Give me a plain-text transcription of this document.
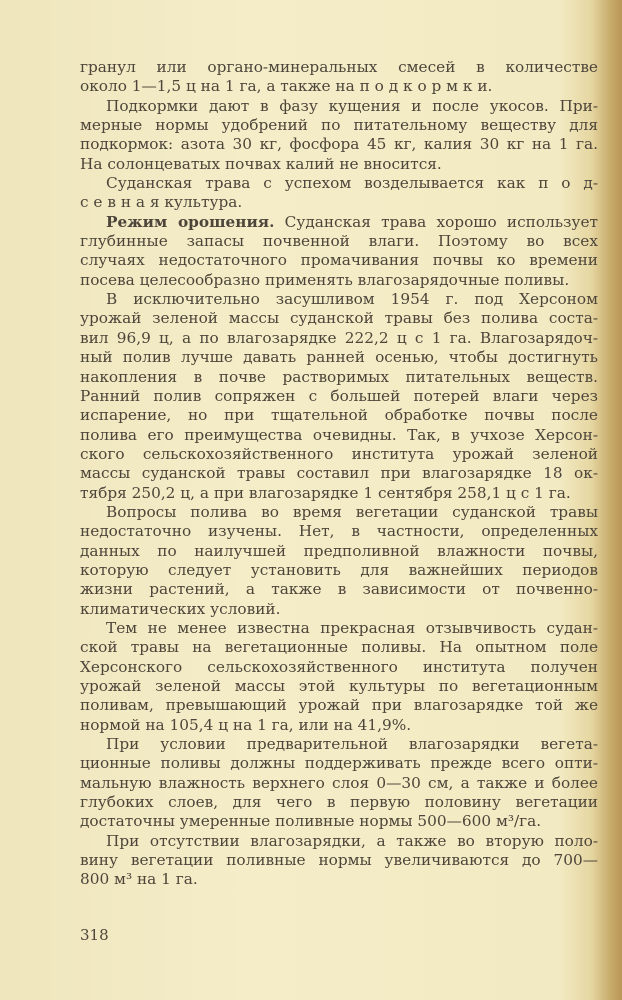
гранул или органо-минеральных смесей в количестве
около 1—1,5 ц на 1 га, а также на п о д к о р м к и.
Подкормки дают в фазу кущения и после укосов. При-
мерные нормы удобрений по питательному веществу для
подкормок: азота 30 кг, фосфора 45 кг, калия 30 кг на 1 га.
На солонцеватых почвах калий не вносится.
Суданская трава с успехом возделывается как п о д-
с е в н а я культура.
Режим орошения. Суданская трава хорошо использует
глубинные запасы почвенной влаги. Поэтому во всех
случаях недостаточного промачивания почвы ко времени
посева целесообразно применять влагозарядочные поливы.
В исключительно засушливом 1954 г. под Херсоном
урожай зеленой массы суданской травы без полива соста-
вил 96,9 ц, а по влагозарядке 222,2 ц с 1 га. Влагозарядоч-
ный полив лучше давать ранней осенью, чтобы достигнуть
накопления в почве растворимых питательных веществ.
Ранний полив сопряжен с большей потерей влаги через
испарение, но при тщательной обработке почвы после
полива его преимущества очевидны. Так, в учхозе Херсон-
ского сельскохозяйственного института урожай зеленой
массы суданской травы составил при влагозарядке 18 ок-
тября 250,2 ц, а при влагозарядке 1 сентября 258,1 ц с 1 га.
Вопросы полива во время вегетации суданской травы
недостаточно изучены. Нет, в частности, определенных
данных по наилучшей предполивной влажности почвы,
которую следует установить для важнейших периодов
жизни растений, а также в зависимости от почвенно-
климатических условий.
Тем не менее известна прекрасная отзывчивость судан-
ской травы на вегетационные поливы. На опытном поле
Херсонского сельскохозяйственного института получен
урожай зеленой массы этой культуры по вегетационным
поливам, превышающий урожай при влагозарядке той же
нормой на 105,4 ц на 1 га, или на 41,9%.
При условии предварительной влагозарядки вегета-
ционные поливы должны поддерживать прежде всего опти-
мальную влажность верхнего слоя 0—30 см, а также и более
глубоких слоев, для чего в первую половину вегетации
достаточны умеренные поливные нормы 500—600 м³/га.
При отсутствии влагозарядки, а также во вторую поло-
вину вегетации поливные нормы увеличиваются до 700—
800 м³ на 1 га.
318
